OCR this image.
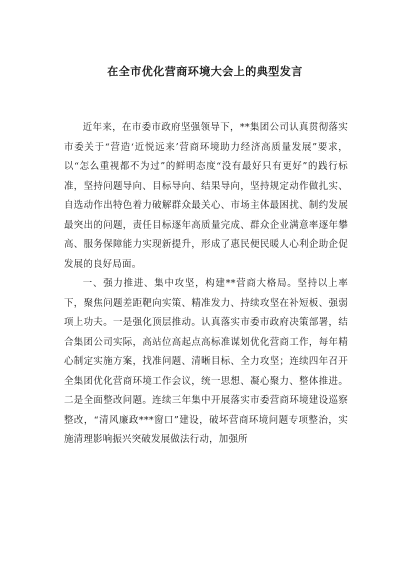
在全市优化营商环境大会上的典型发言

近年来，在市委市政府坚强领导下，**集团公司认真贯彻落实市委关于“营造‘近悦远来’营商环境助力经济高质量发展”要求，以“怎么重视都不为过”的鲜明态度“没有最好只有更好”的践行标准，坚持问题导向、目标导向、结果导向，坚持规定动作做扎实、自选动作出特色着力破解群众最关心、市场主体最困扰、制约发展最突出的问题，责任目标逐年高质量完成、群众企业满意率逐年攀高、服务保障能力实现新提升，形成了惠民便民暖人心利企助企促发展的良好局面。

一、强力推进、集中攻坚，构建**营商大格局。坚持以上率下，聚焦问题差距靶向实策、精准发力、持续攻坚在补短板、强弱项上功夫。一是强化顶层推动。认真落实市委市政府决策部署，结合集团公司实际，高站位高起点高标准谋划优化营商工作，每年精心制定实施方案，找准问题、清晰目标、全力攻坚；连续四年召开全集团优化营商环境工作会议，统一思想、凝心聚力、整体推进。二是全面整改问题。连续三年集中开展落实市委营商环境建设巡察整改，“清风廉政***窗口”建设，破坏营商环境问题专项整治，实施清理影响振兴突破发展做法行动，加强所
